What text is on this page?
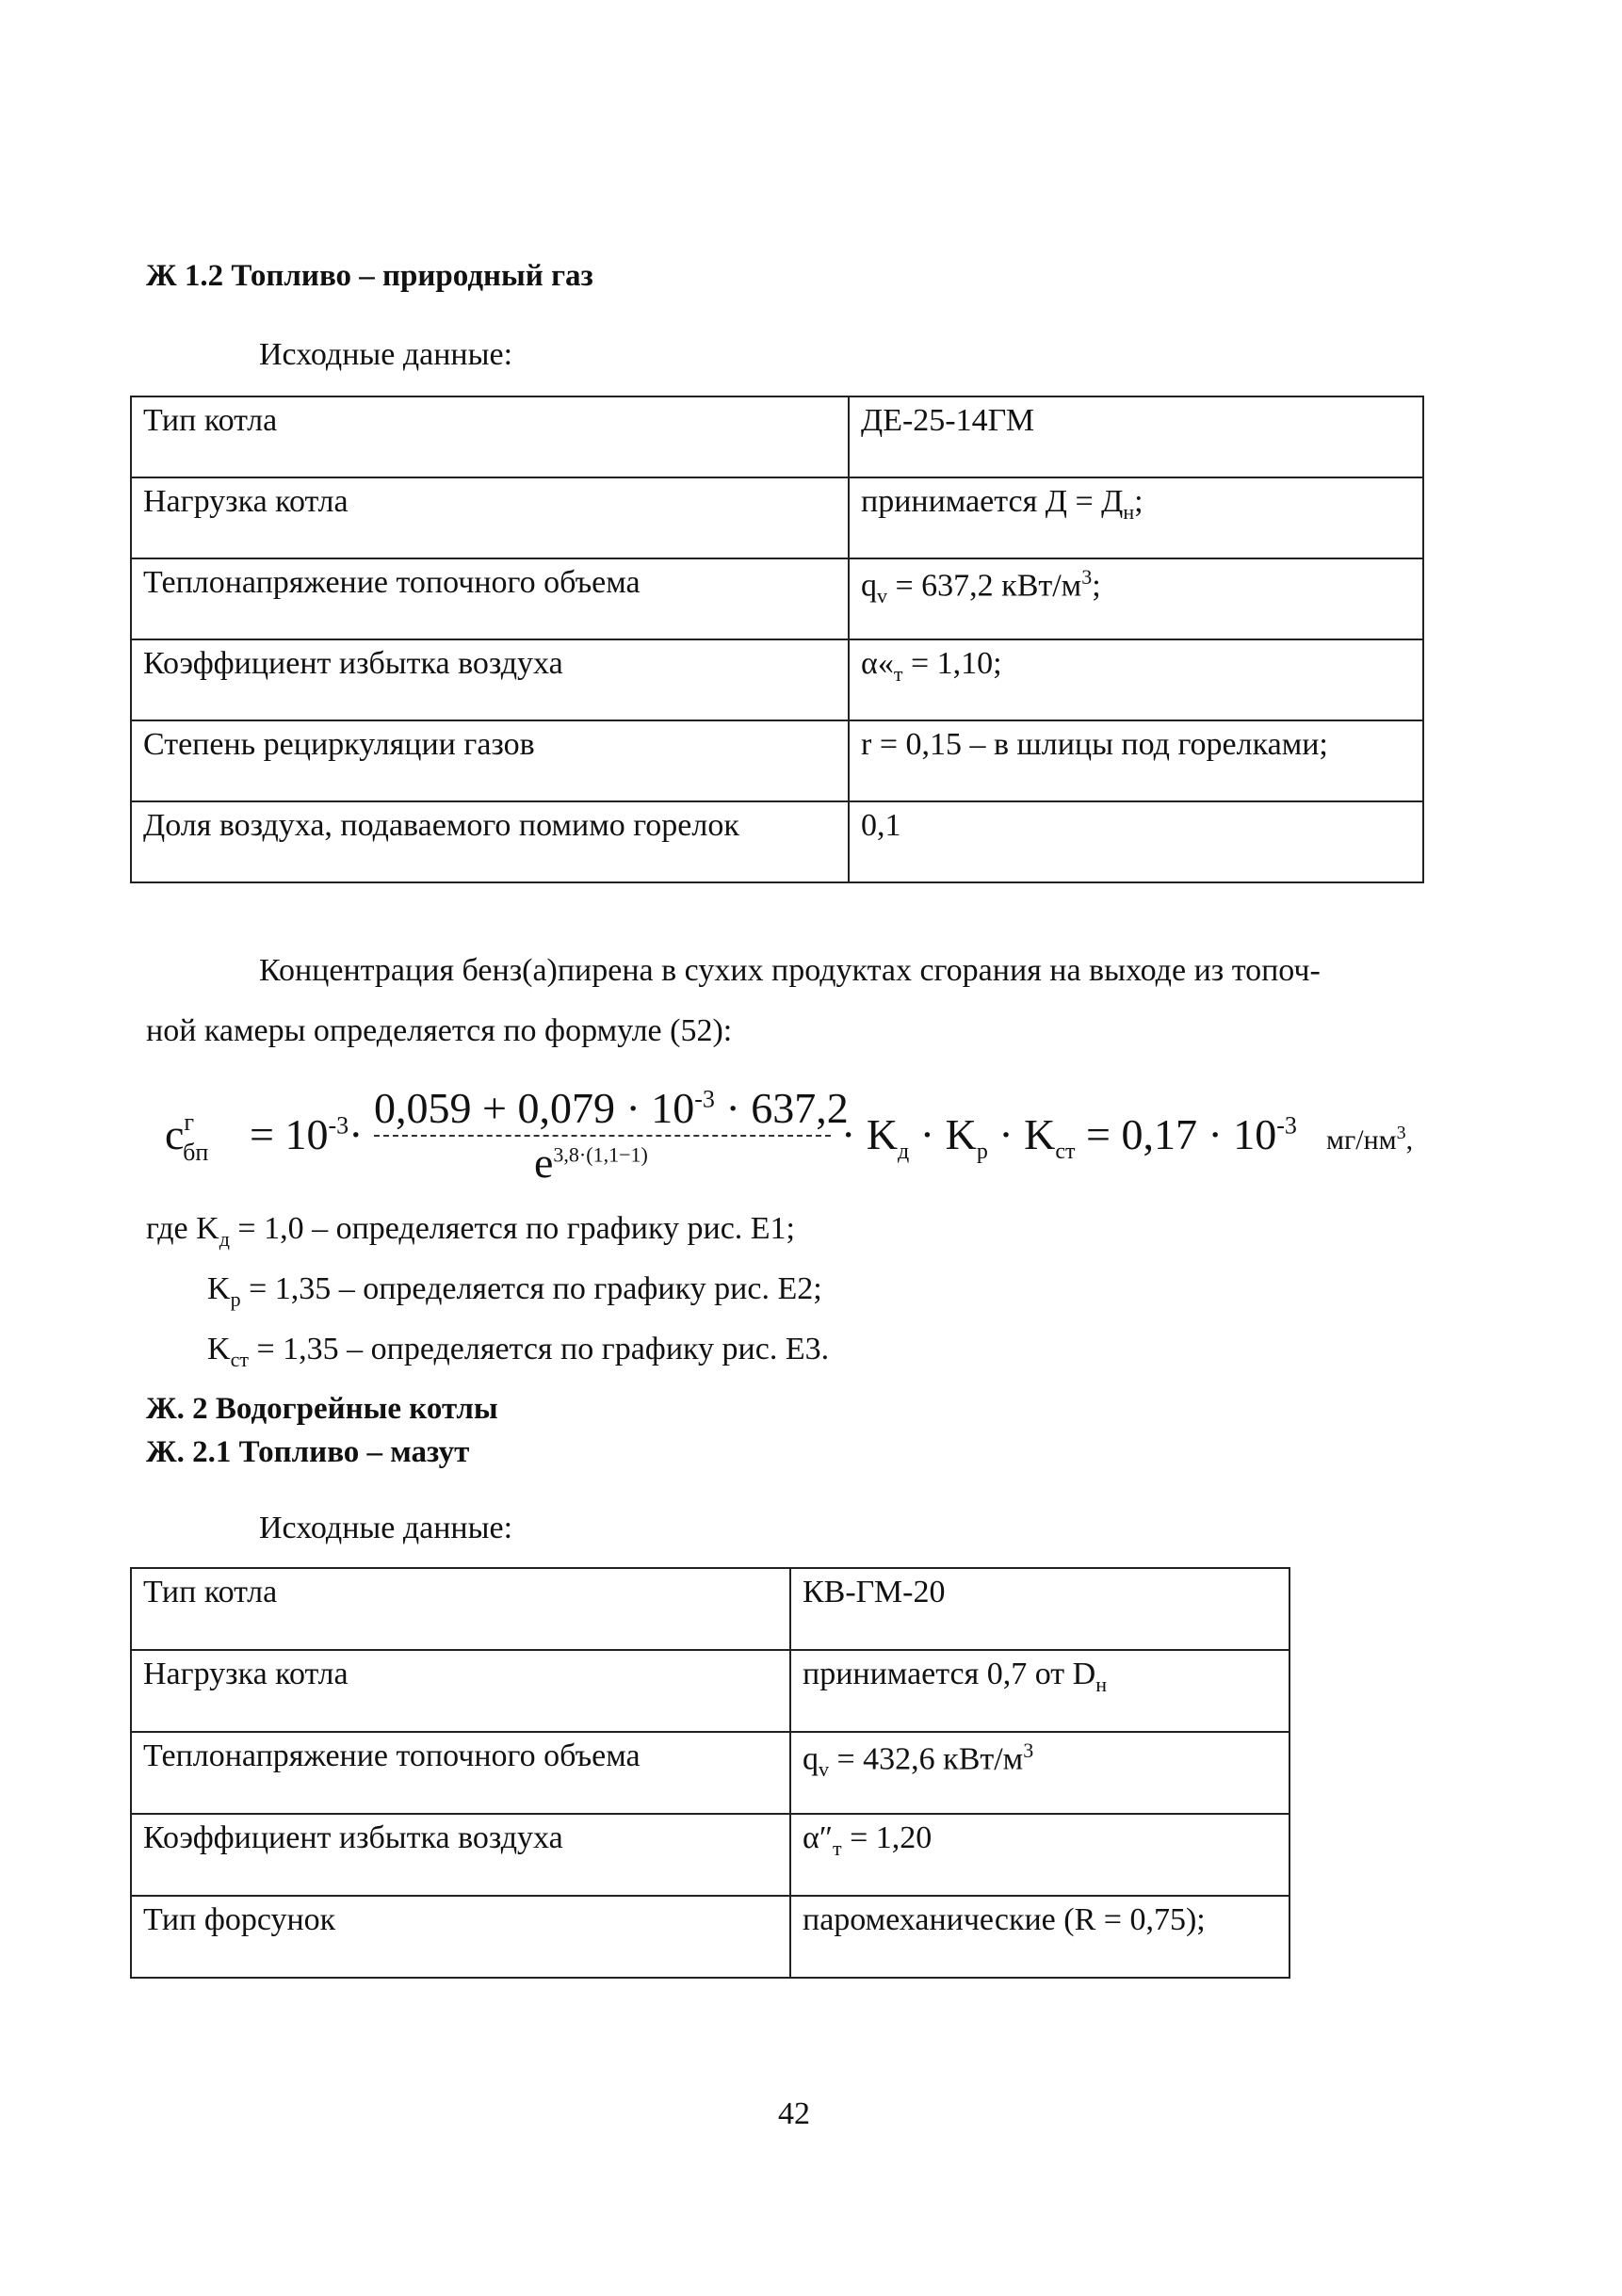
Ж 1.2 Топливо – природный газ
Исходные данные:
Тип котла	ДЕ-25-14ГМ
Нагрузка котла	принимается $Д = Д_н$;
Теплонапряжение топочного объема	$q_v = 637,2$ кВт/$м^3$;
Коэффициент избытка воздуха	$\alpha«_т = 1,10$;
Степень рециркуляции газов	r = 0,15 – в шлицы под горелками;
Доля воздуха, подаваемого помимо горелок	0,1
Концентрация бенз(а)пирена в сухих продуктах сгорания на выходе из топоч-
ной камеры определяется по формуле (52):
$c^г_{бп} = 10^{-3}\cdot$
$0,059 + 0,079 \cdot 10^{-3} \cdot 637,2$
$e^{3,8\cdot(1,1-1)}$	· $K_д \cdot K_р \cdot K_{ст} = 0,17 \cdot 10^{-3}$ $мг/нм^3$,
где $K_д = 1,0$ – определяется по графику рис. Е1;
$K_р = 1,35$ – определяется по графику рис. Е2;
$K_{ст} = 1,35$ – определяется по графику рис. Е3.
Ж. 2 Водогрейные котлы
Ж. 2.1 Топливо – мазут
Исходные данные:
Тип котла	КВ-ГМ-20
Нагрузка котла	принимается 0,7 от $D_н$
Теплонапряжение топочного объема	$q_v = 432,6$ кВт/$м^3$
Коэффициент избытка воздуха	$\alpha''_т = 1,20$
Тип форсунок	паромеханические (R = 0,75);
42
